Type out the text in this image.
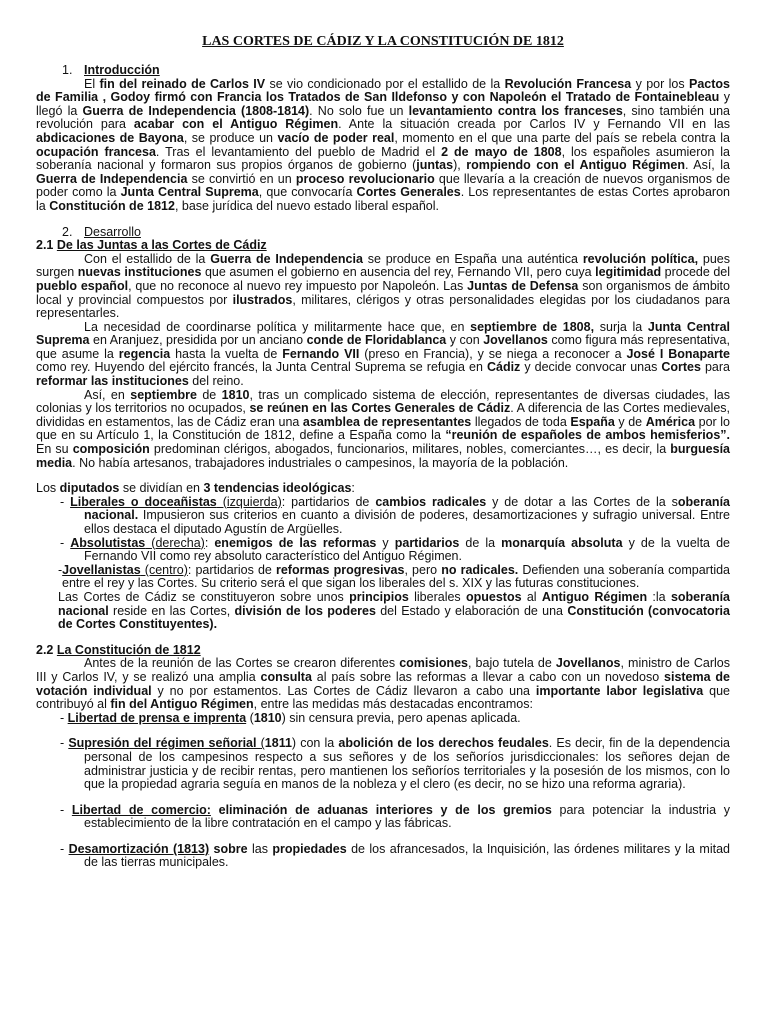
LAS CORTES DE CÁDIZ Y LA CONSTITUCIÓN DE 1812

1. Introducción

El fin del reinado de Carlos IV se vio condicionado por el estallido de la Revolución Francesa y por los Pactos de Familia , Godoy firmó con Francia los Tratados de San Ildefonso y con Napoleón el Tratado de Fontainebleau y llegó la Guerra de Independencia (1808-1814). No solo fue un levantamiento contra los franceses, sino también una revolución para acabar con el Antiguo Régimen. Ante la situación creada por Carlos IV y Fernando VII en las abdicaciones de Bayona, se produce un vacío de poder real, momento en el que una parte del país se rebela contra la ocupación francesa. Tras el levantamiento del pueblo de Madrid el 2 de mayo de 1808, los españoles asumieron la soberanía nacional y formaron sus propios órganos de gobierno (juntas), rompiendo con el Antiguo Régimen. Así, la Guerra de Independencia se convirtió en un proceso revolucionario que llevaría a la creación de nuevos organismos de poder como la Junta Central Suprema, que convocaría Cortes Generales. Los representantes de estas Cortes aprobaron la Constitución de 1812, base jurídica del nuevo estado liberal español.

2. Desarrollo

2.1 De las Juntas a las Cortes de Cádiz

Con el estallido de la Guerra de Independencia se produce en España una auténtica revolución política, pues surgen nuevas instituciones que asumen el gobierno en ausencia del rey, Fernando VII, pero cuya legitimidad procede del pueblo español, que no reconoce al nuevo rey impuesto por Napoleón. Las Juntas de Defensa son organismos de ámbito local y provincial compuestos por ilustrados, militares, clérigos y otras personalidades elegidas por los ciudadanos para representarles.

La necesidad de coordinarse política y militarmente hace que, en septiembre de 1808, surja la Junta Central Suprema en Aranjuez, presidida por un anciano conde de Floridablanca y con Jovellanos como figura más representativa, que asume la regencia hasta la vuelta de Fernando VII (preso en Francia), y se niega a reconocer a José I Bonaparte como rey. Huyendo del ejército francés, la Junta Central Suprema se refugia en Cádiz y decide convocar unas Cortes para reformar las instituciones del reino.

Así, en septiembre de 1810, tras un complicado sistema de elección, representantes de diversas ciudades, las colonias y los territorios no ocupados, se reúnen en las Cortes Generales de Cádiz. A diferencia de las Cortes medievales, divididas en estamentos, las de Cádiz eran una asamblea de representantes llegados de toda España y de América por lo que en su Artículo 1, la Constitución de 1812, define a España como la “reunión de españoles de ambos hemisferios”. En su composición predominan clérigos, abogados, funcionarios, militares, nobles, comerciantes…, es decir, la burguesía media. No había artesanos, trabajadores industriales o campesinos, la mayoría de la población.

Los diputados se dividían en 3 tendencias ideológicas:

- Liberales o doceañistas (izquierda): partidarios de cambios radicales y de dotar a las Cortes de la soberanía nacional. Impusieron sus criterios en cuanto a división de poderes, desamortizaciones y sufragio universal. Entre ellos destaca el diputado Agustín de Argüelles.

- Absolutistas (derecha): enemigos de las reformas y partidarios de la monarquía absoluta y de la vuelta de Fernando VII como rey absoluto característico del Antiguo Régimen.

-Jovellanistas (centro): partidarios de reformas progresivas, pero no radicales. Defienden una soberanía compartida entre el rey y las Cortes. Su criterio será el que sigan los liberales del s. XIX y las futuras constituciones.

Las Cortes de Cádiz se constituyeron sobre unos principios liberales opuestos al Antiguo Régimen :la soberanía nacional reside en las Cortes, división de los poderes del Estado y elaboración de una Constitución (convocatoria de Cortes Constituyentes).

2.2 La Constitución de 1812

Antes de la reunión de las Cortes se crearon diferentes comisiones, bajo tutela de Jovellanos, ministro de Carlos III y Carlos IV, y se realizó una amplia consulta al país sobre las reformas a llevar a cabo con un novedoso sistema de votación individual y no por estamentos. Las Cortes de Cádiz llevaron a cabo una importante labor legislativa que contribuyó al fin del Antiguo Régimen, entre las medidas más destacadas encontramos:

- Libertad de prensa e imprenta (1810) sin censura previa, pero apenas aplicada.

- Supresión del régimen señorial (1811) con la abolición de los derechos feudales. Es decir, fin de la dependencia personal de los campesinos respecto a sus señores y de los señoríos jurisdiccionales: los señores dejan de administrar justicia y de recibir rentas, pero mantienen los señoríos territoriales y la posesión de los mismos, con lo que la propiedad agraria seguía en manos de la nobleza y el clero (es decir, no se hizo una reforma agraria).

- Libertad de comercio: eliminación de aduanas interiores y de los gremios para potenciar la industria y establecimiento de la libre contratación en el campo y las fábricas.

- Desamortización (1813) sobre las propiedades de los afrancesados, la Inquisición, las órdenes militares y la mitad de las tierras municipales.
